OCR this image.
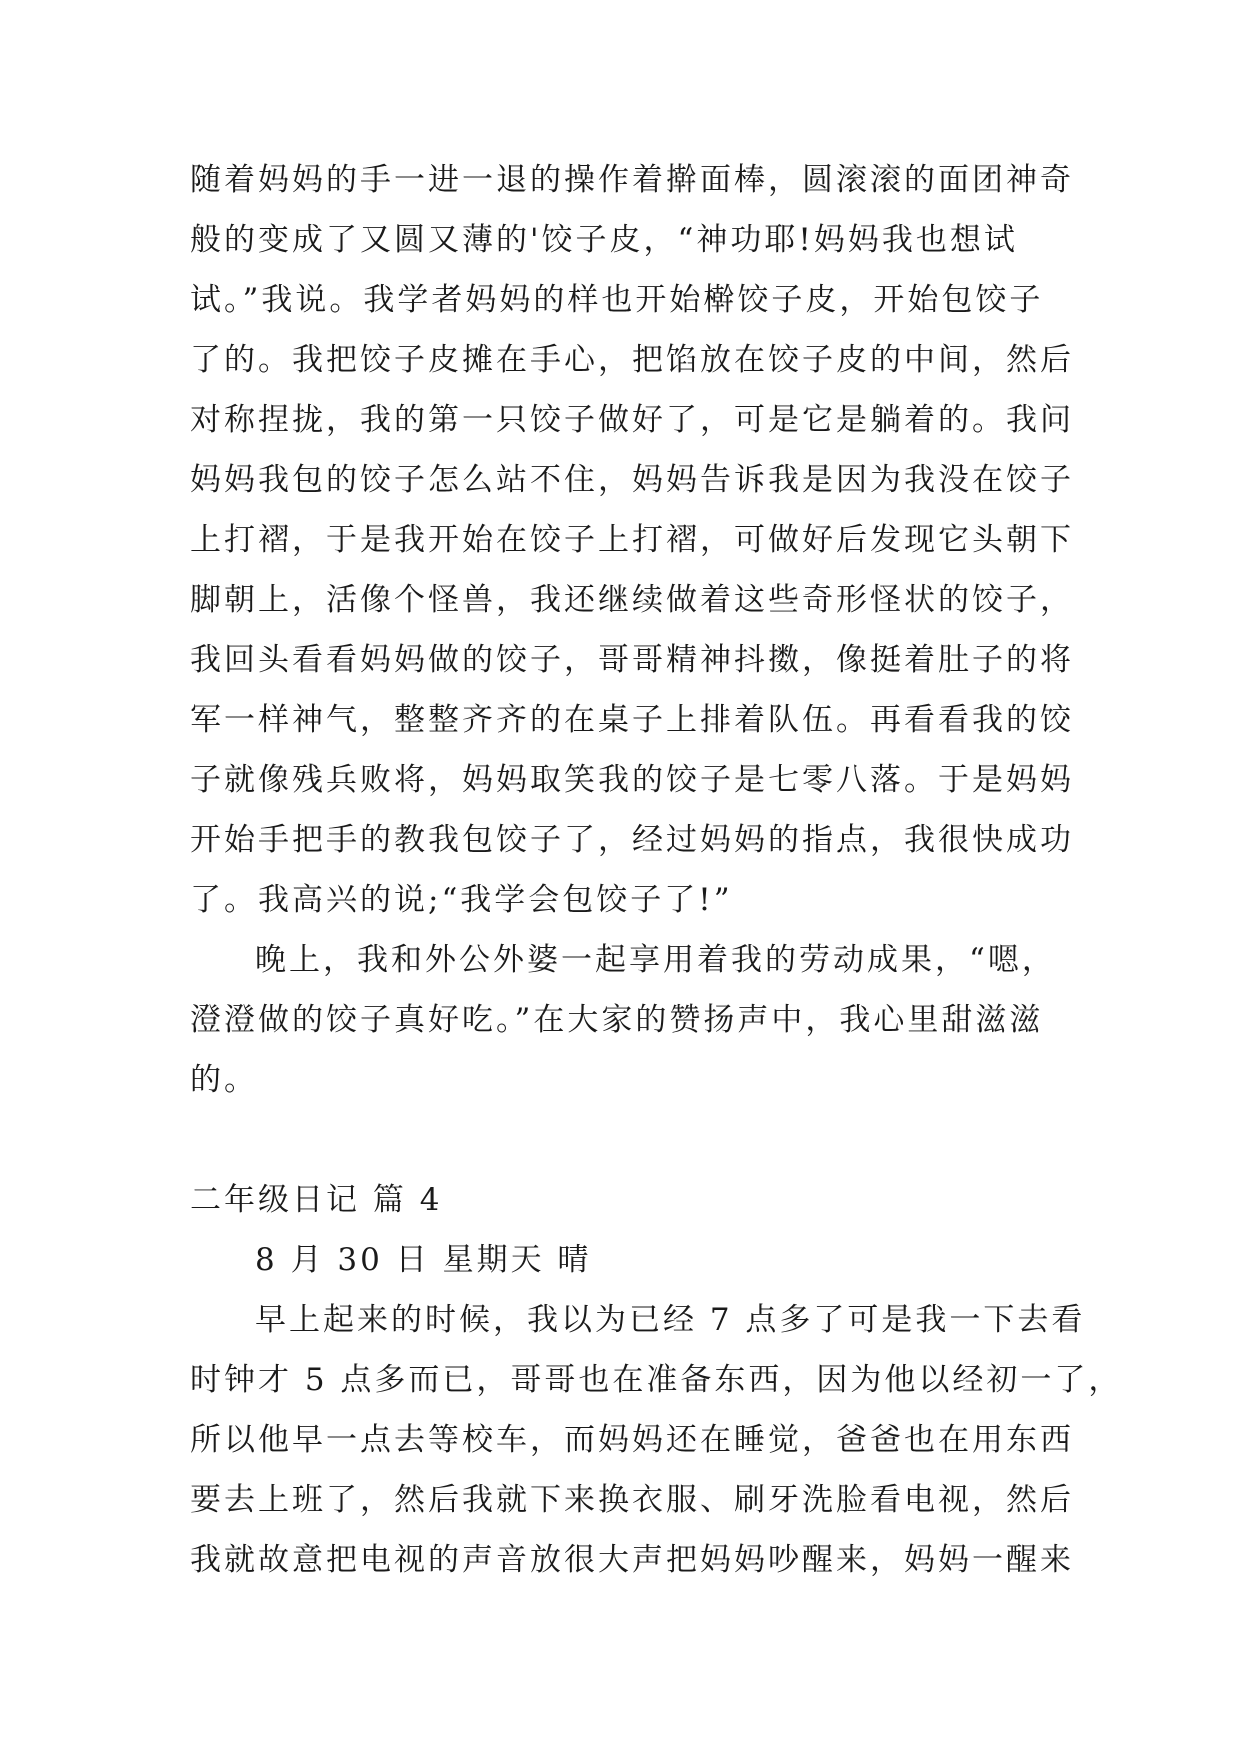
随着妈妈的手一进一退的操作着擀面棒，圆滚滚的面团神奇
般的变成了又圆又薄的'饺子皮，“神功耶!妈妈我也想试
试。”我说。我学者妈妈的样也开始檊饺子皮，开始包饺子
了的。我把饺子皮摊在手心，把馅放在饺子皮的中间，然后
对称捏拢，我的第一只饺子做好了，可是它是躺着的。我问
妈妈我包的饺子怎么站不住，妈妈告诉我是因为我没在饺子
上打褶，于是我开始在饺子上打褶，可做好后发现它头朝下
脚朝上，活像个怪兽，我还继续做着这些奇形怪状的饺子，
我回头看看妈妈做的饺子，哥哥精神抖擞，像挺着肚子的将
军一样神气，整整齐齐的在桌子上排着队伍。再看看我的饺
子就像残兵败将，妈妈取笑我的饺子是七零八落。于是妈妈
开始手把手的教我包饺子了，经过妈妈的指点，我很快成功
了。我高兴的说;“我学会包饺子了!”
晚上，我和外公外婆一起享用着我的劳动成果，“嗯，
澄澄做的饺子真好吃。”在大家的赞扬声中，我心里甜滋滋
的。
二年级日记 篇 4
8 月 30 日 星期天 晴
早上起来的时候，我以为已经 7 点多了可是我一下去看
时钟才 5 点多而已，哥哥也在准备东西，因为他以经初一了，
所以他早一点去等校车，而妈妈还在睡觉，爸爸也在用东西
要去上班了，然后我就下来换衣服、刷牙洗脸看电视，然后
我就故意把电视的声音放很大声把妈妈吵醒来，妈妈一醒来
